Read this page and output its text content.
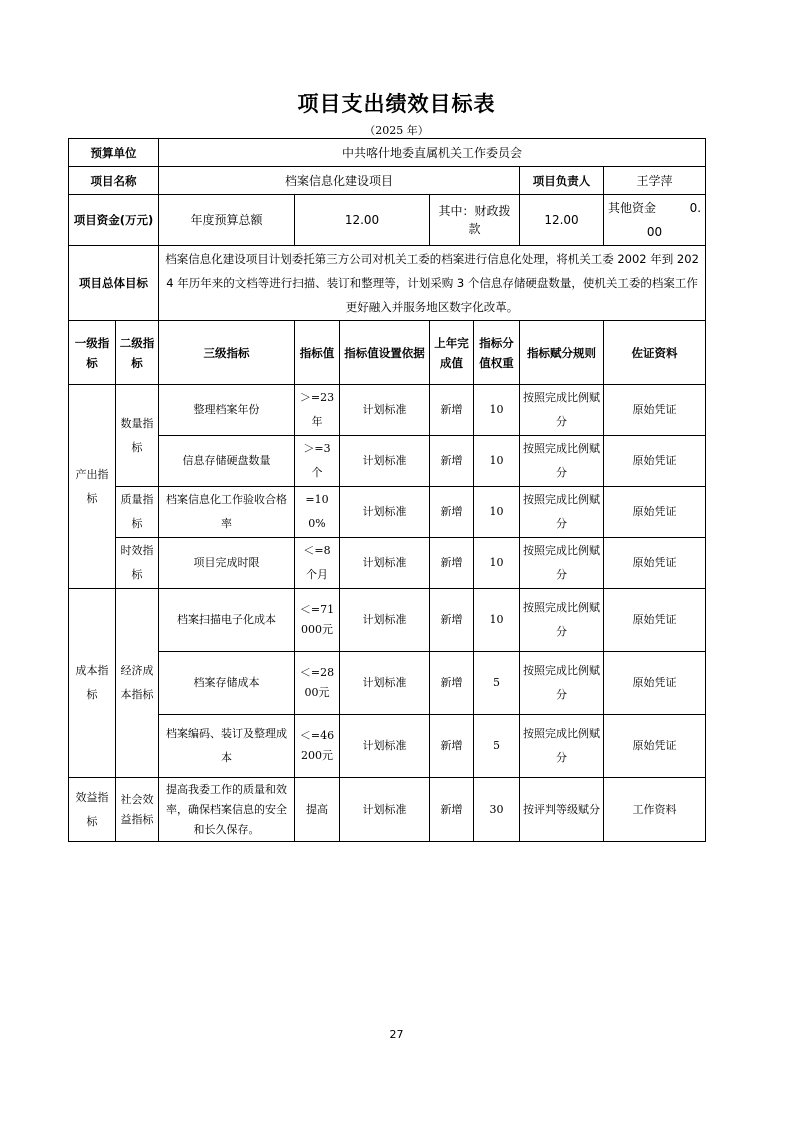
项目支出绩效目标表
（2025 年）
预算单位		中共喀什地委直属机关工作委员会						
项目名称		档案信息化建设项目					项目负责人	王学萍
项目资金(万元)		年度预算总额	12.00		其中：财政拨款		12.00	其他资金 0.00
项目总体目标		档案信息化建设项目计划委托第三方公司对机关工委的档案进行信息化处理，将机关工委 2002 年到 2024 年历年来的文档等进行扫描、装订和整理等，计划采购 3 个信息存储硬盘数量，使机关工委的档案工作更好融入并服务地区数字化改革。						
一级指标	二级指标	三级指标	指标值	指标值设置依据	上年完成值	指标分值权重	指标赋分规则	佐证资料
产出指标	数量指标	整理档案年份	＞=23年	计划标准	新增	10	按照完成比例赋分	原始凭证
		信息存储硬盘数量	＞=3个	计划标准	新增	10	按照完成比例赋分	原始凭证
	质量指标	档案信息化工作验收合格率	=100%	计划标准	新增	10	按照完成比例赋分	原始凭证
	时效指标	项目完成时限	＜=8个月	计划标准	新增	10	按照完成比例赋分	原始凭证
成本指标	经济成本指标	档案扫描电子化成本	＜=71000元	计划标准	新增	10	按照完成比例赋分	原始凭证
		档案存储成本	＜=2800元	计划标准	新增	5	按照完成比例赋分	原始凭证
		档案编码、装订及整理成本	＜=46200元	计划标准	新增	5	按照完成比例赋分	原始凭证
效益指标	社会效益指标	提高我委工作的质量和效率，确保档案信息的安全和长久保存。	提高	计划标准	新增	30	按评判等级赋分	工作资料
27
